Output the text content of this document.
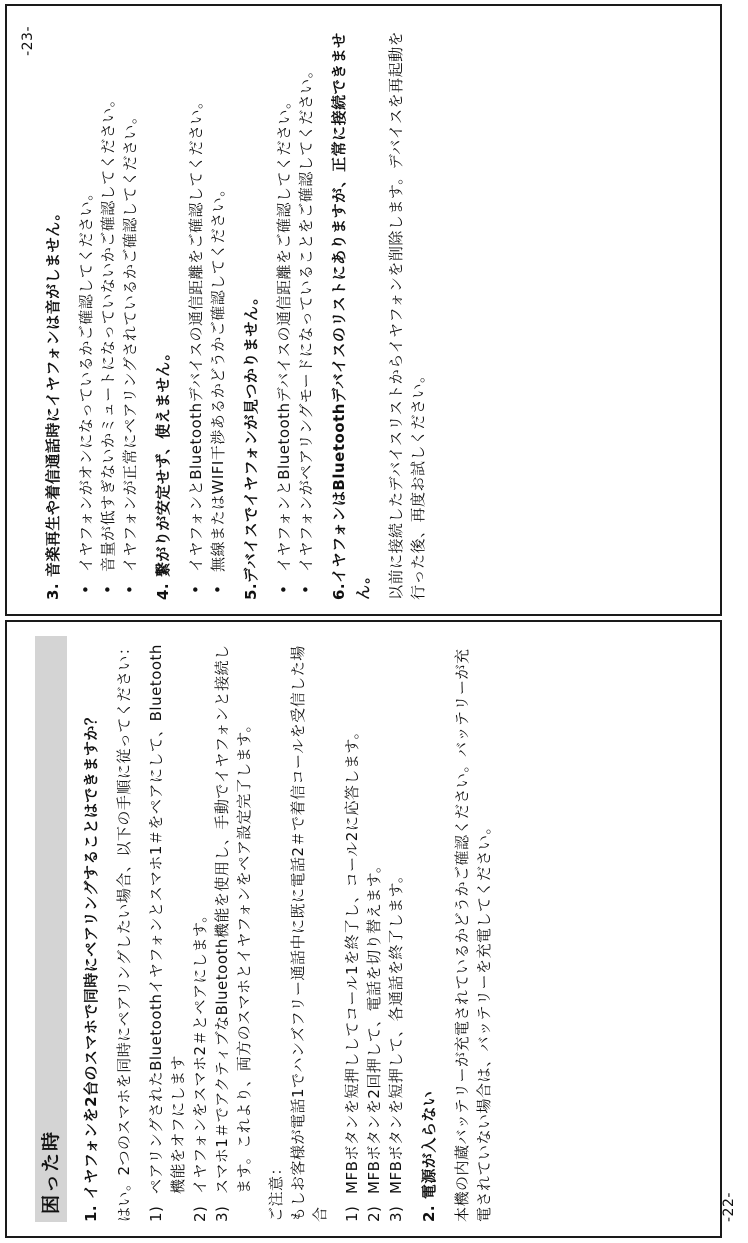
3. 音楽再生や着信通話時にイヤフォンは音がしません。 •
イヤフォンがオンになっているかご確認してください。
•
音量が低すぎないかミュートになっていないかご確認してください。
•
イヤフォンが正常にペアリングされているかご確認してください。 4. 繋がりが安定せず、使えません。 •
イヤフォンとBluetoothデバイスの通信距離をご確認してください。
•
無線またはWIFI干渉あるかどうかご確認してください。 5.デバイスでイヤフォンが見つかりません。 •
イヤフォンとBluetoothデバイスの通信距離をご確認してください。
•
イヤフォンがペアリングモードになっていることをご確認してください。 6.イヤフォンはBluetoothデバイスのリストにありますが、正常に接続できません。 以前に接続したデバイスリストからイヤフォンを削除します。デバイスを再起動を行った後、再度お試しください。
-23-
困った時	1. イヤフォンを2台のスマホで同時にペアリングすることはできますか？ はい。2つのスマホを同時にペアリングしたい場合、以下の手順に従ってください： 1)
ペアリングされたBluetoothイヤフォンとスマホ1＃をペアにして、Bluetooth機能をオフにします
2)
イヤフォンをスマホ2＃とペアにします。
3)
スマホ1＃でアクティブなBluetooth機能を使用し、手動でイヤフォンと接続します。これより、両方のスマホとイヤフォンをペア設定完了します。 ご注意： もしお客様が電話1でハンズフリー通話中に既に電話2＃で着信コールを受信した場合 1)
MFBボタンを短押ししてコール1を終了し、コール2に応答します。
2)
MFBボタンを2回押して、電話を切り替えます。
3)
MFBボタンを短押して、各通話を終了します。 2. 電源が入らない 本機の内蔵バッテリーが充電されているかどうかご確認ください。バッテリーが充電されていない場合は、バッテリーを充電してください。	-22-
